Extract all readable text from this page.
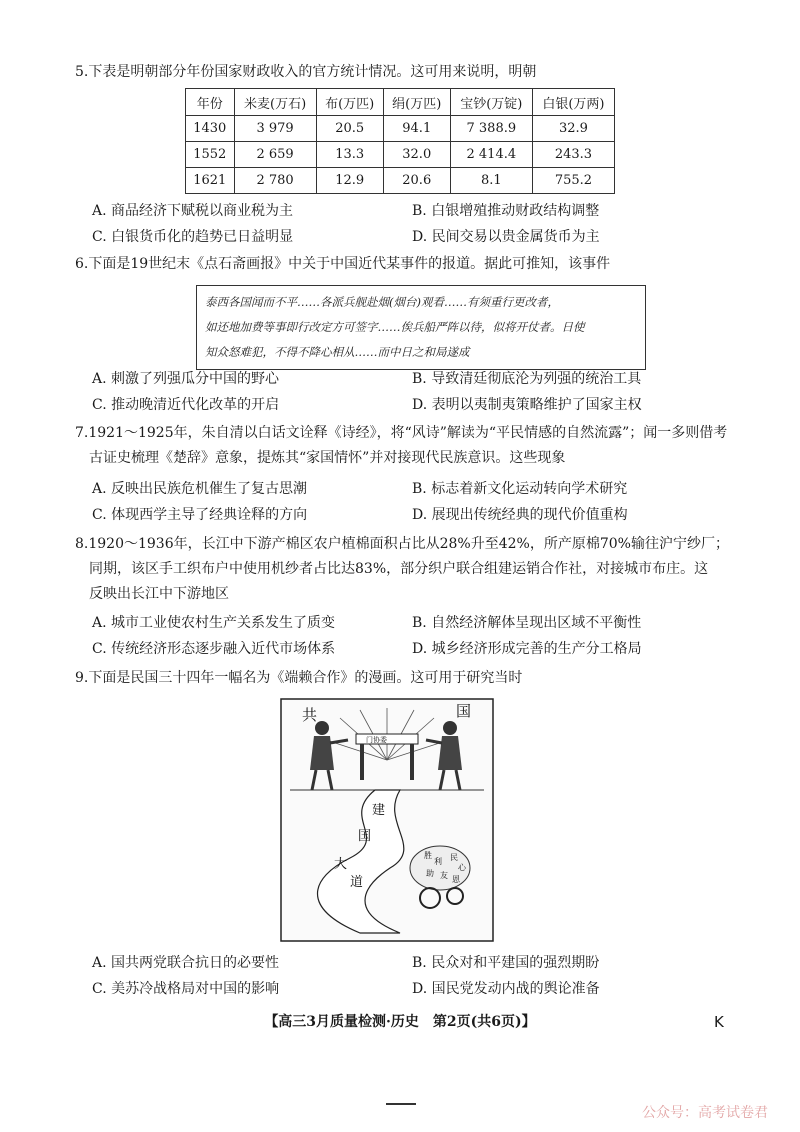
5.下表是明朝部分年份国家财政收入的官方统计情况。这可用来说明，明朝

年份	米麦(万石)	布(万匹)	绢(万匹)	宝钞(万锭)	白银(万两)
1430	3 979	20.5	94.1	7 388.9	32.9
1552	2 659	13.3	32.0	2 414.4	243.3
1621	2 780	12.9	20.6	8.1	755.2
A. 商品经济下赋税以商业税为主	B. 白银增殖推动财政结构调整
C. 白银货币化的趋势已日益明显	D. 民间交易以贵金属货币为主

6.下面是19世纪末《点石斋画报》中关于中国近代某事件的报道。据此可推知，该事件

泰西各国闻而不平……各派兵舰赴烟(烟台)观看……有须重行更改者，

如还地加费等事即行改定方可签字……俟兵船严阵以待，似将开仗者。日使

知众怒难犯，不得不降心相从……而中日之和局遂成

A. 刺激了列强瓜分中国的野心	B. 导致清廷彻底沦为列强的统治工具
C. 推动晚清近代化改革的开启	D. 表明以夷制夷策略维护了国家主权

7.1921～1925年，朱自清以白话文诠释《诗经》，将“风诗”解读为“平民情感的自然流露”；闻一多则借考

古证史梳理《楚辞》意象，提炼其“家国情怀”并对接现代民族意识。这些现象

A. 反映出民族危机催生了复古思潮	B. 标志着新文化运动转向学术研究
C. 体现西学主导了经典诠释的方向	D. 展现出传统经典的现代价值重构

8.1920～1936年，长江中下游产棉区农户植棉面积占比从28%升至42%，所产原棉70%输往沪宁纱厂；

同期，该区手工织布户中使用机纱者占比达83%，部分织户联合组建运销合作社，对接城市布庄。这

反映出长江中下游地区

A. 城市工业使农村生产关系发生了质变	B. 自然经济解体呈现出区域不平衡性
C. 传统经济形态逐步融入近代市场体系	D. 城乡经济形成完善的生产分工格局

9.下面是民国三十四年一幅名为《端赖合作》的漫画。这可用于研究当时

共	国
门协委
建
国
大
道
胜
利 民
心
助 友 恩
A. 国共两党联合抗日的必要性	B. 民众对和平建国的强烈期盼
C. 美苏冷战格局对中国的影响	D. 国民党发动内战的舆论准备
【高三3月质量检测·历史　第2页(共6页)】	K
公众号：高考试卷君
